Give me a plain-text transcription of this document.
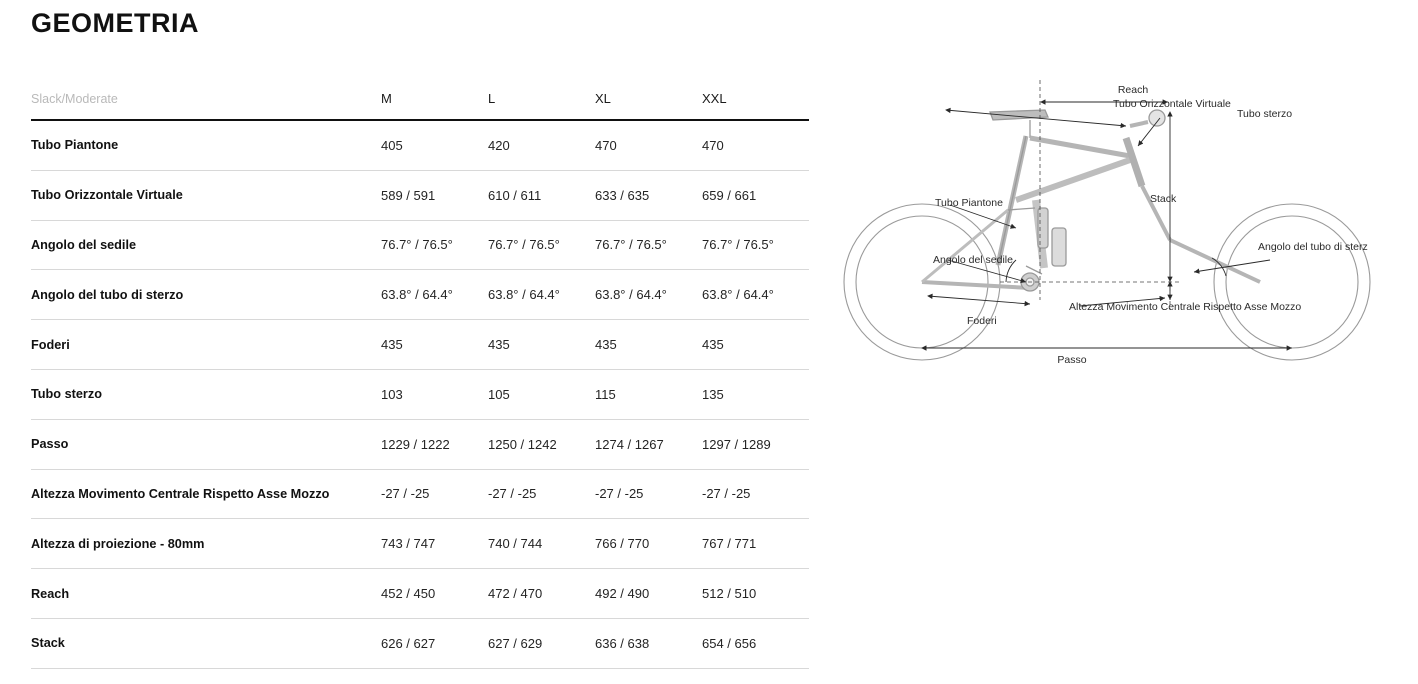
GEOMETRIA
Slack/Moderate	M	L	XL	XXL
Tubo Piantone	405	420	470	470
Tubo Orizzontale Virtuale	589 / 591	610 / 611	633 / 635	659 / 661
Angolo del sedile	76.7° / 76.5°	76.7° / 76.5°	76.7° / 76.5°	76.7° / 76.5°
Angolo del tubo di sterzo	63.8° / 64.4°	63.8° / 64.4°	63.8° / 64.4°	63.8° / 64.4°
Foderi	435	435	435	435
Tubo sterzo	103	105	115	135
Passo	1229 / 1222	1250 / 1242	1274 / 1267	1297 / 1289
Altezza Movimento Centrale Rispetto Asse Mozzo	-27 / -25	-27 / -25	-27 / -25	-27 / -25
Altezza di proiezione - 80mm	743 / 747	740 / 744	766 / 770	767 / 771
Reach	452 / 450	472 / 470	492 / 490	512 / 510
Stack	626 / 627	627 / 629	636 / 638	654 / 656
Reach
Tubo Orizzontale Virtuale
Tubo sterzo
Tubo Piantone	Stack
Angolo del sedile
Angolo del tubo di sterz
Altezza Movimento Centrale Rispetto Asse Mozzo
Foderi
Passo
